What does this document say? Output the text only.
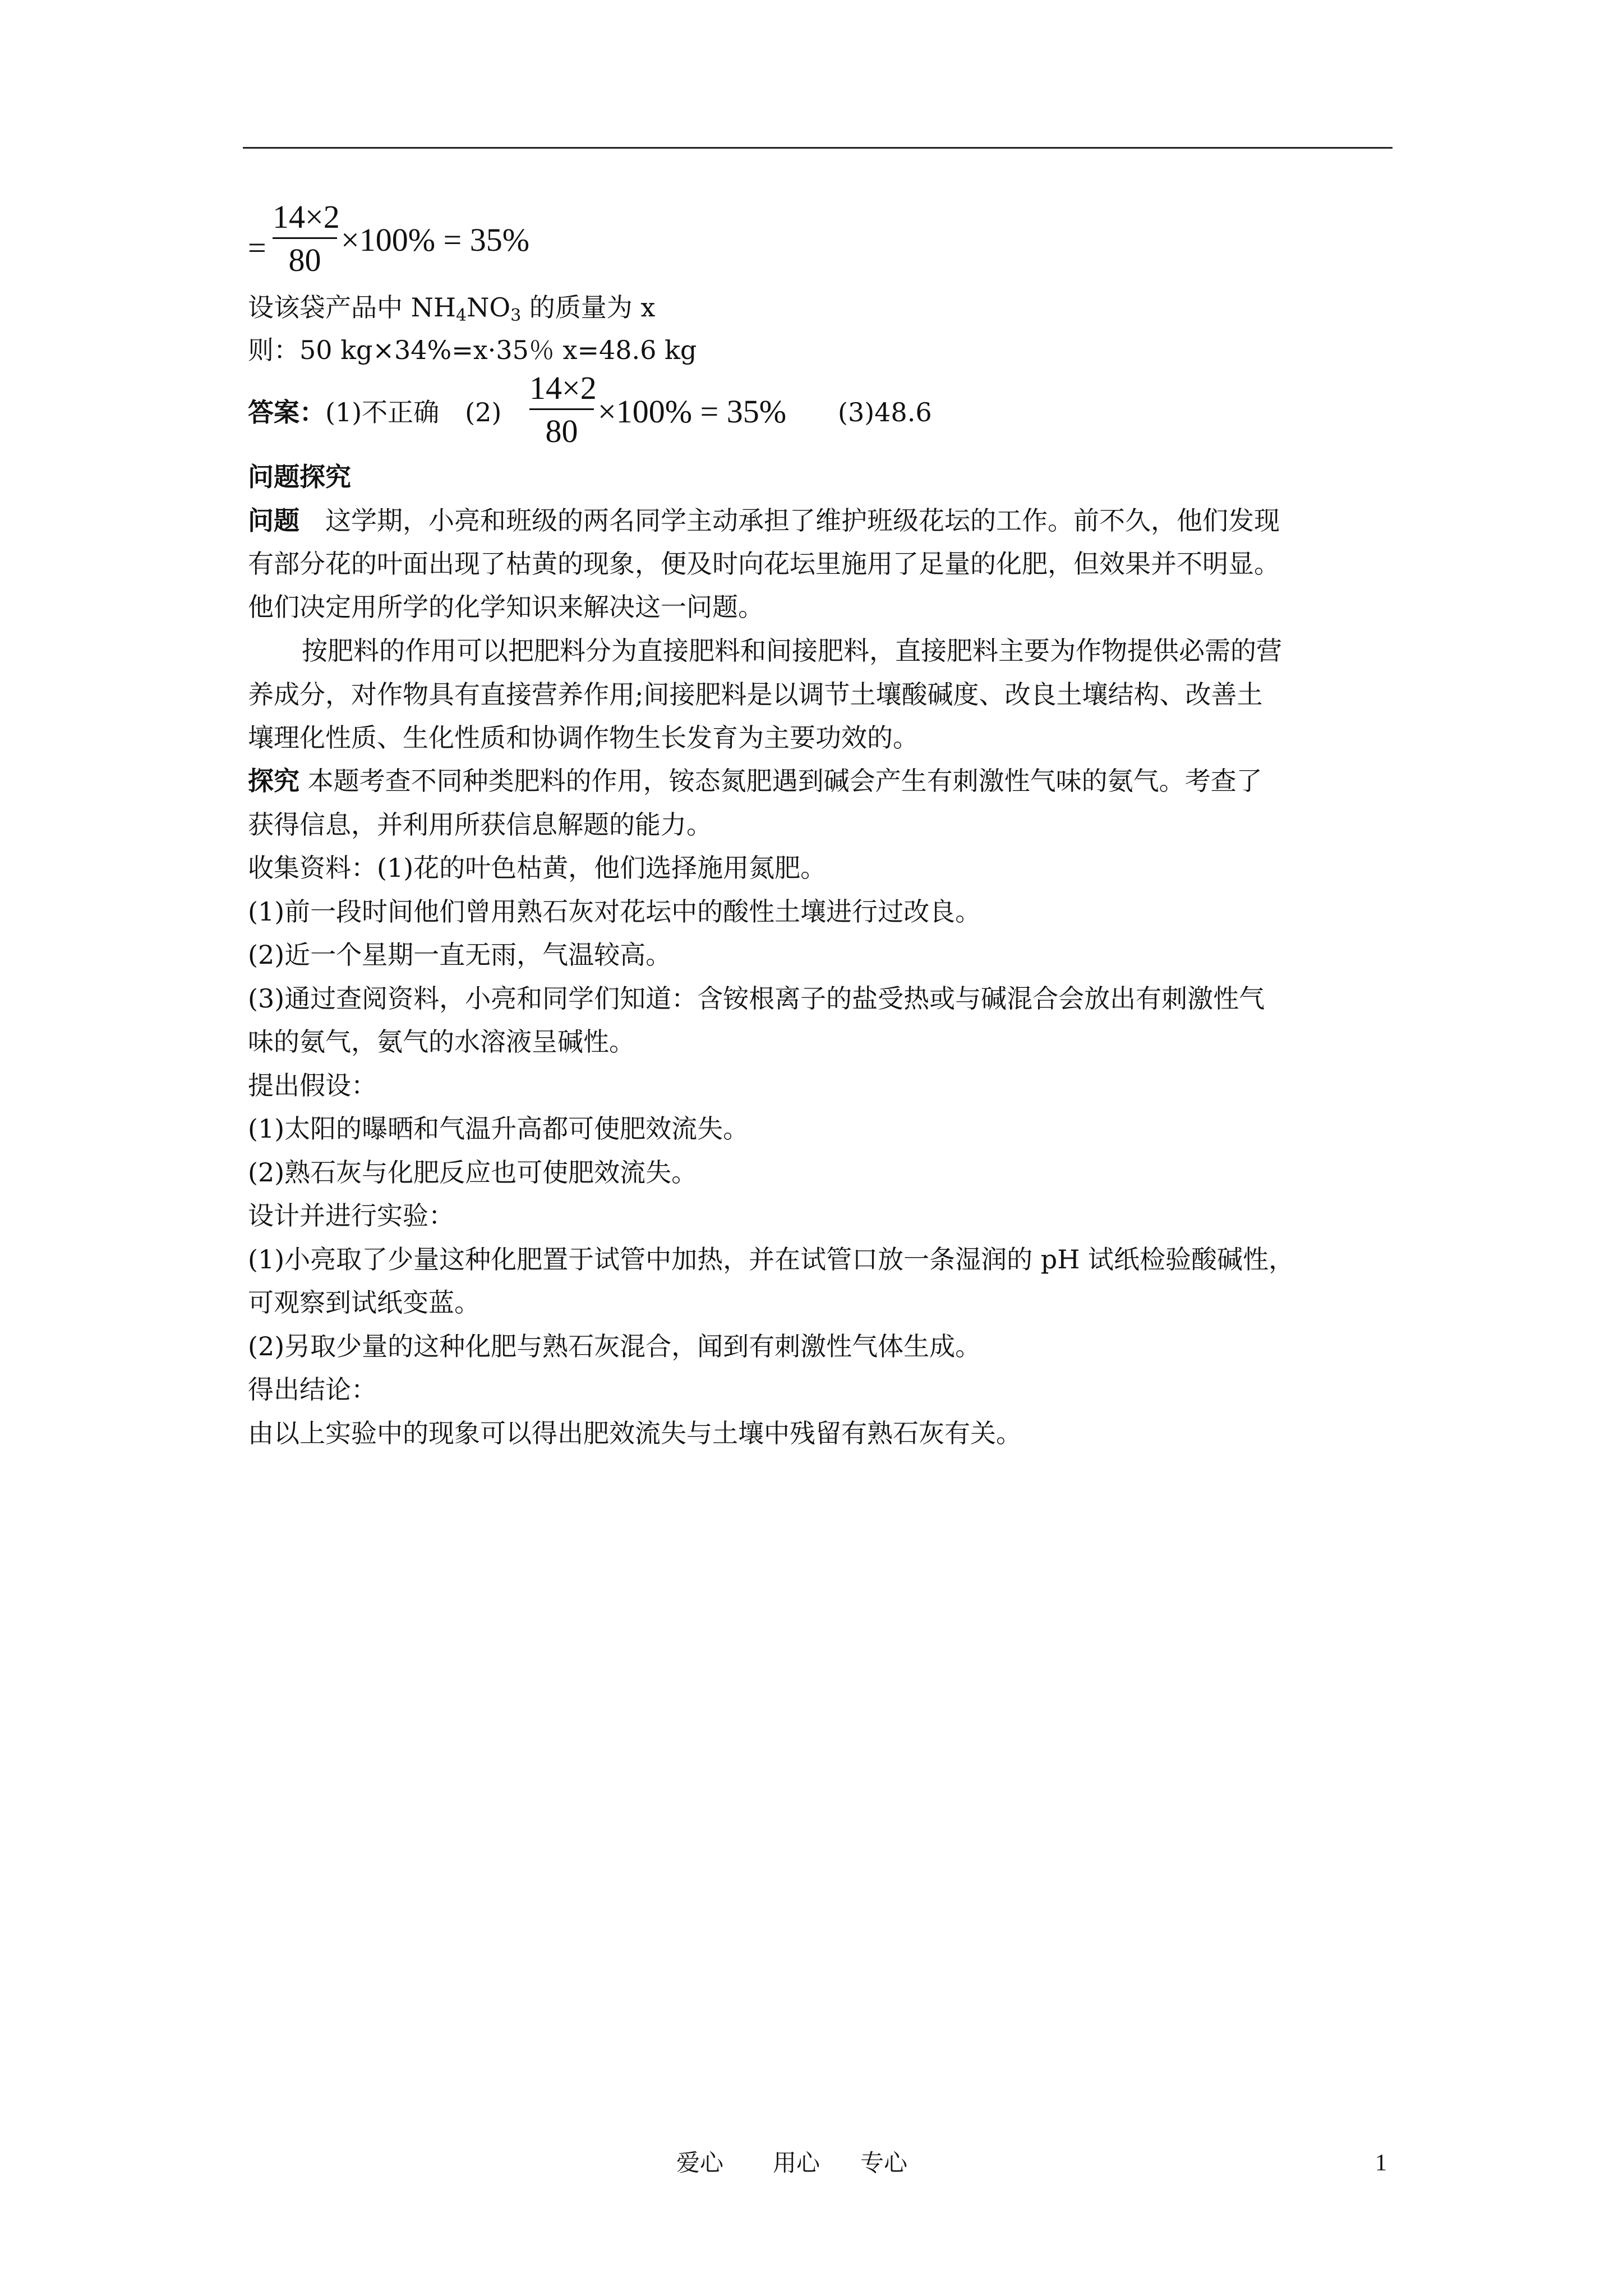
=
14×2
80
×100% = 35%
设该袋产品中 $NH_4NO_3$ 的质量为 x
则：50 kg×34%=x·35％ x=48.6 kg
答案：(1)不正确　(2)
14×2
80
×100% = 35% (3)48.6
问题探究
问题　这学期，小亮和班级的两名同学主动承担了维护班级花坛的工作。前不久，他们发现
有部分花的叶面出现了枯黄的现象，便及时向花坛里施用了足量的化肥，但效果并不明显。
他们决定用所学的化学知识来解决这一问题。
按肥料的作用可以把肥料分为直接肥料和间接肥料，直接肥料主要为作物提供必需的营
养成分，对作物具有直接营养作用;间接肥料是以调节土壤酸碱度、改良土壤结构、改善土
壤理化性质、生化性质和协调作物生长发育为主要功效的。
探究 本题考查不同种类肥料的作用，铵态氮肥遇到碱会产生有刺激性气味的氨气。考查了
获得信息，并利用所获信息解题的能力。
收集资料：(1)花的叶色枯黄，他们选择施用氮肥。
(1)前一段时间他们曾用熟石灰对花坛中的酸性土壤进行过改良。
(2)近一个星期一直无雨，气温较高。
(3)通过查阅资料，小亮和同学们知道：含铵根离子的盐受热或与碱混合会放出有刺激性气
味的氨气，氨气的水溶液呈碱性。
提出假设：
(1)太阳的曝晒和气温升高都可使肥效流失。
(2)熟石灰与化肥反应也可使肥效流失。
设计并进行实验：
(1)小亮取了少量这种化肥置于试管中加热，并在试管口放一条湿润的 pH 试纸检验酸碱性，
可观察到试纸变蓝。
(2)另取少量的这种化肥与熟石灰混合，闻到有刺激性气体生成。
得出结论：
由以上实验中的现象可以得出肥效流失与土壤中残留有熟石灰有关。
爱心 用心 专心	1
